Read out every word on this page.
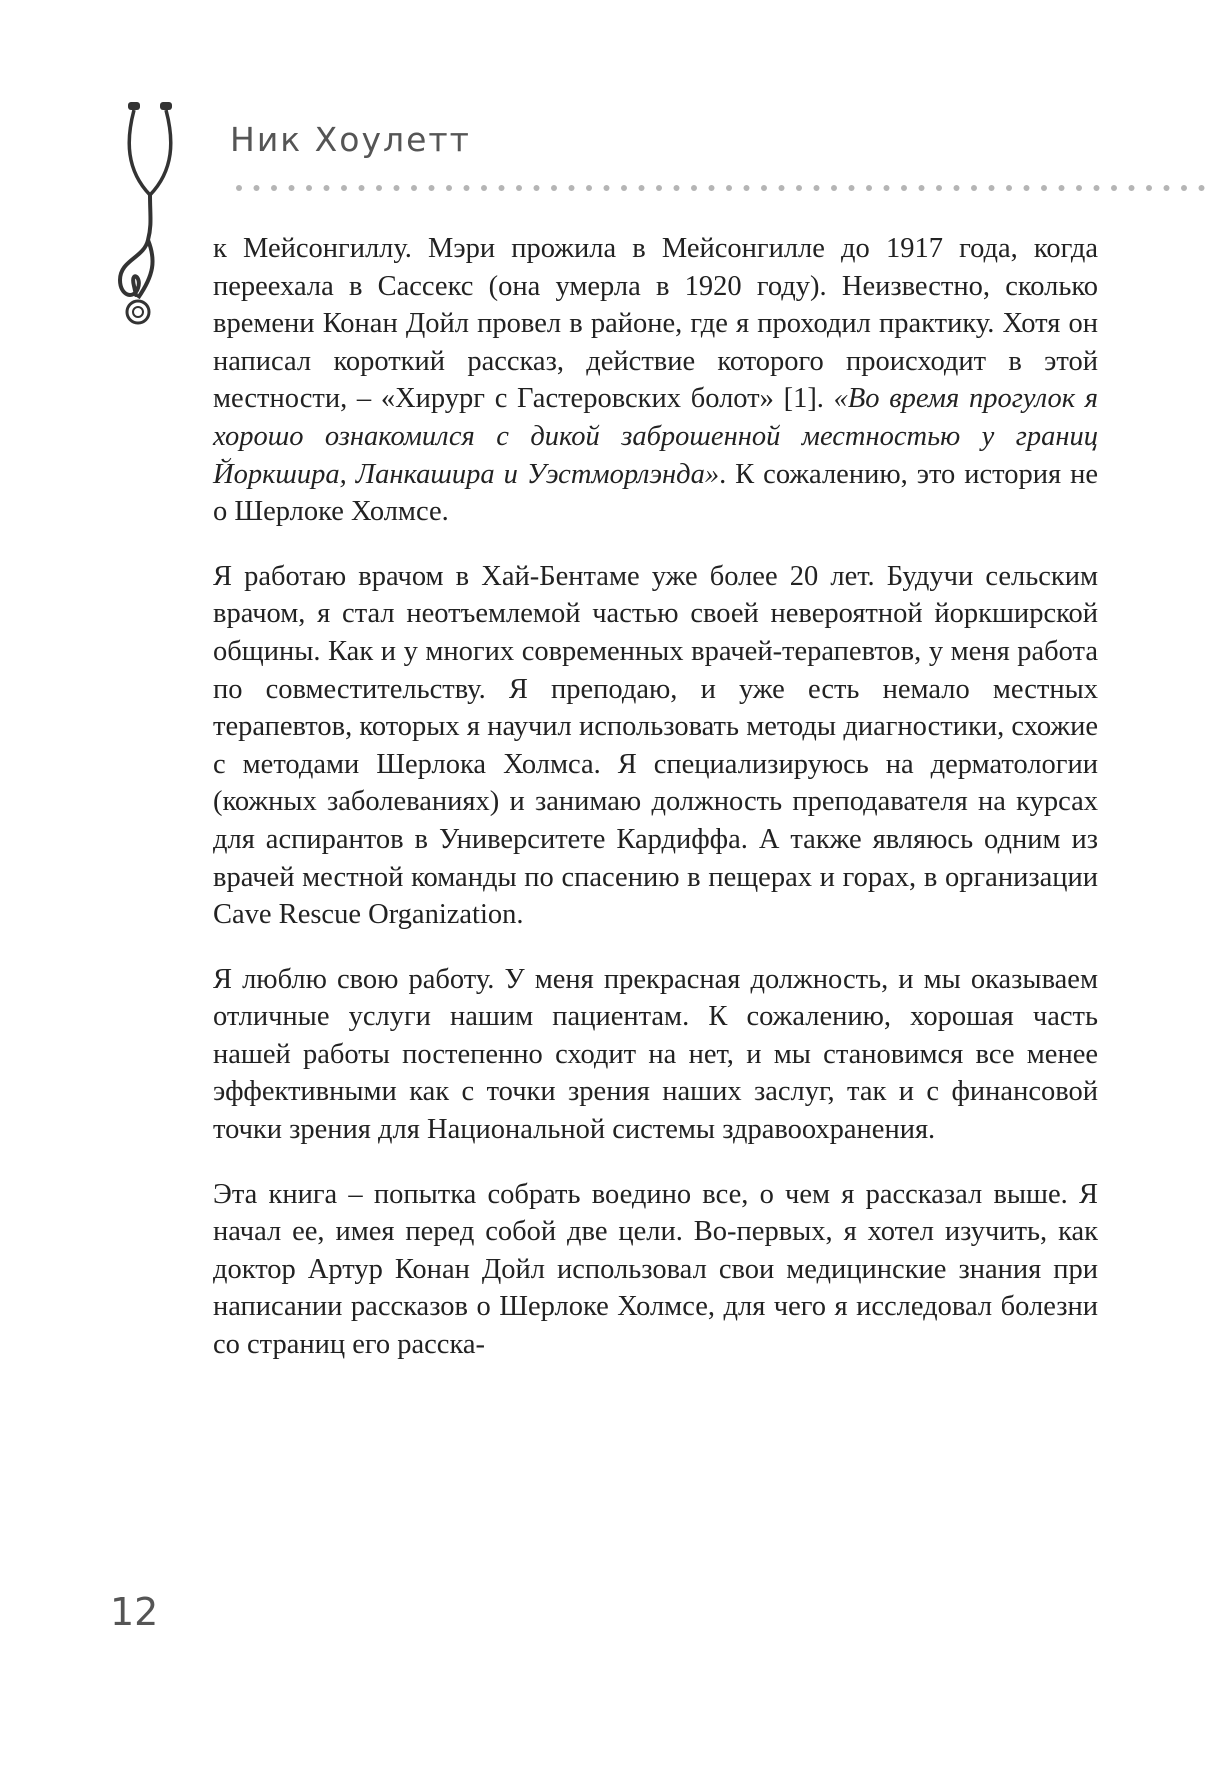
Ник Хоулетт

к Мейсонгиллу. Мэри прожила в Мейсонгилле до 1917 года, когда переехала в Сассекс (она умерла в 1920 году). Неизвестно, сколько времени Конан Дойл провел в районе, где я проходил практику. Хотя он написал короткий рассказ, действие которого происходит в этой местности, – «Хирург с Гастеровских болот» [1]. «Во время прогулок я хорошо ознакомился с дикой заброшенной местностью у границ Йоркшира, Ланкашира и Уэстморлэнда». К сожалению, это история не о Шерлоке Холмсе.

Я работаю врачом в Хай-Бентаме уже более 20 лет. Будучи сельским врачом, я стал неотъемлемой частью своей невероятной йоркширской общины. Как и у многих современных врачей-терапевтов, у меня работа по совместительству. Я преподаю, и уже есть немало местных терапевтов, которых я научил использовать методы диагностики, схожие с методами Шерлока Холмса. Я специализируюсь на дерматологии (кожных заболеваниях) и занимаю должность преподавателя на курсах для аспирантов в Университете Кардиффа. А также являюсь одним из врачей местной команды по спасению в пещерах и горах, в организации Cave Rescue Organization.

Я люблю свою работу. У меня прекрасная должность, и мы оказываем отличные услуги нашим пациентам. К сожалению, хорошая часть нашей работы постепенно сходит на нет, и мы становимся все менее эффективными как с точки зрения наших заслуг, так и с финансовой точки зрения для Национальной системы здравоохранения.

Эта книга – попытка собрать воедино все, о чем я рассказал выше. Я начал ее, имея перед собой две цели. Во-первых, я хотел изучить, как доктор Артур Конан Дойл использовал свои медицинские знания при написании рассказов о Шерлоке Холмсе, для чего я исследовал болезни со страниц его расска-

12
